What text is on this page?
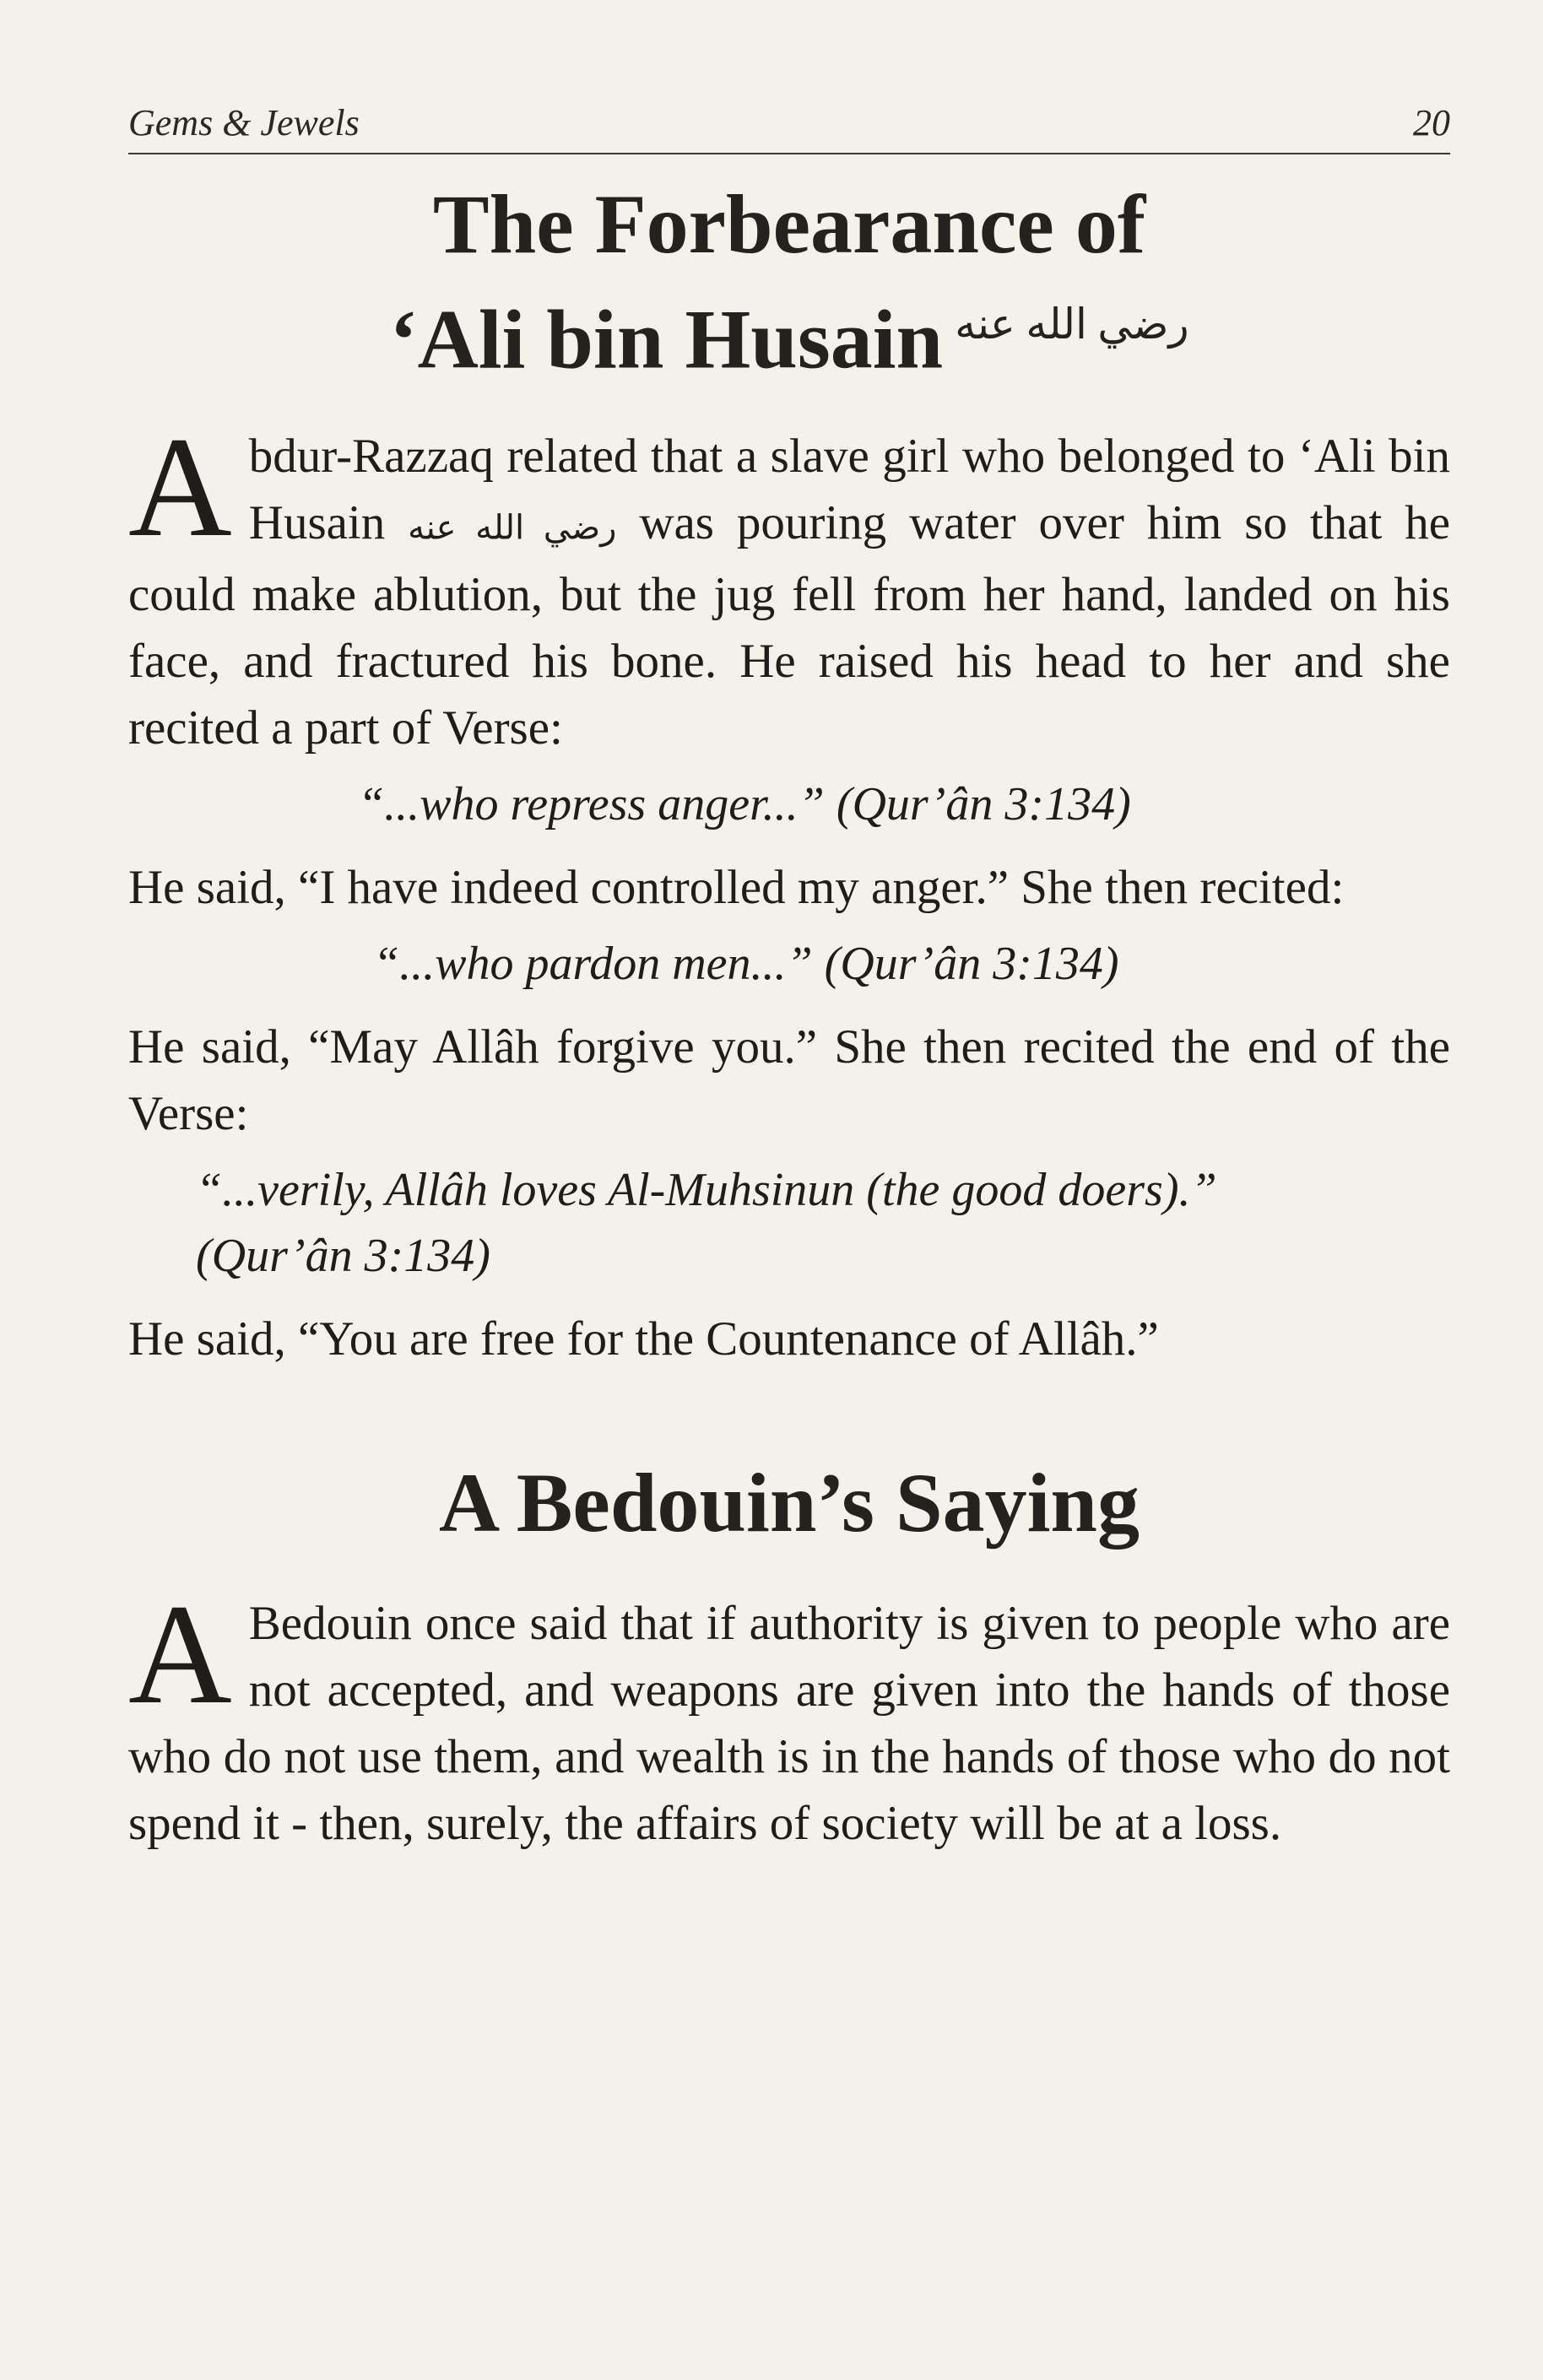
Gems & Jewels	20
The Forbearance of
‘Ali bin Husain رضي الله عنه

Abdur-Razzaq related that a slave girl who belonged to ‘Ali bin Husain رضي الله عنه was pouring water over him so that he could make ablution, but the jug fell from her hand, landed on his face, and fractured his bone. He raised his head to her and she recited a part of Verse:

“...who repress anger...” (Qur’ân 3:134)

He said, “I have indeed controlled my anger.” She then recited:

“...who pardon men...” (Qur’ân 3:134)

He said, “May Allâh forgive you.” She then recited the end of the Verse:

“...verily, Allâh loves Al-Muhsinun (the good doers).”
(Qur’ân 3:134)

He said, “You are free for the Countenance of Allâh.”

A Bedouin’s Saying

A Bedouin once said that if authority is given to people who are not accepted, and weapons are given into the hands of those who do not use them, and wealth is in the hands of those who do not spend it - then, surely, the affairs of society will be at a loss.
